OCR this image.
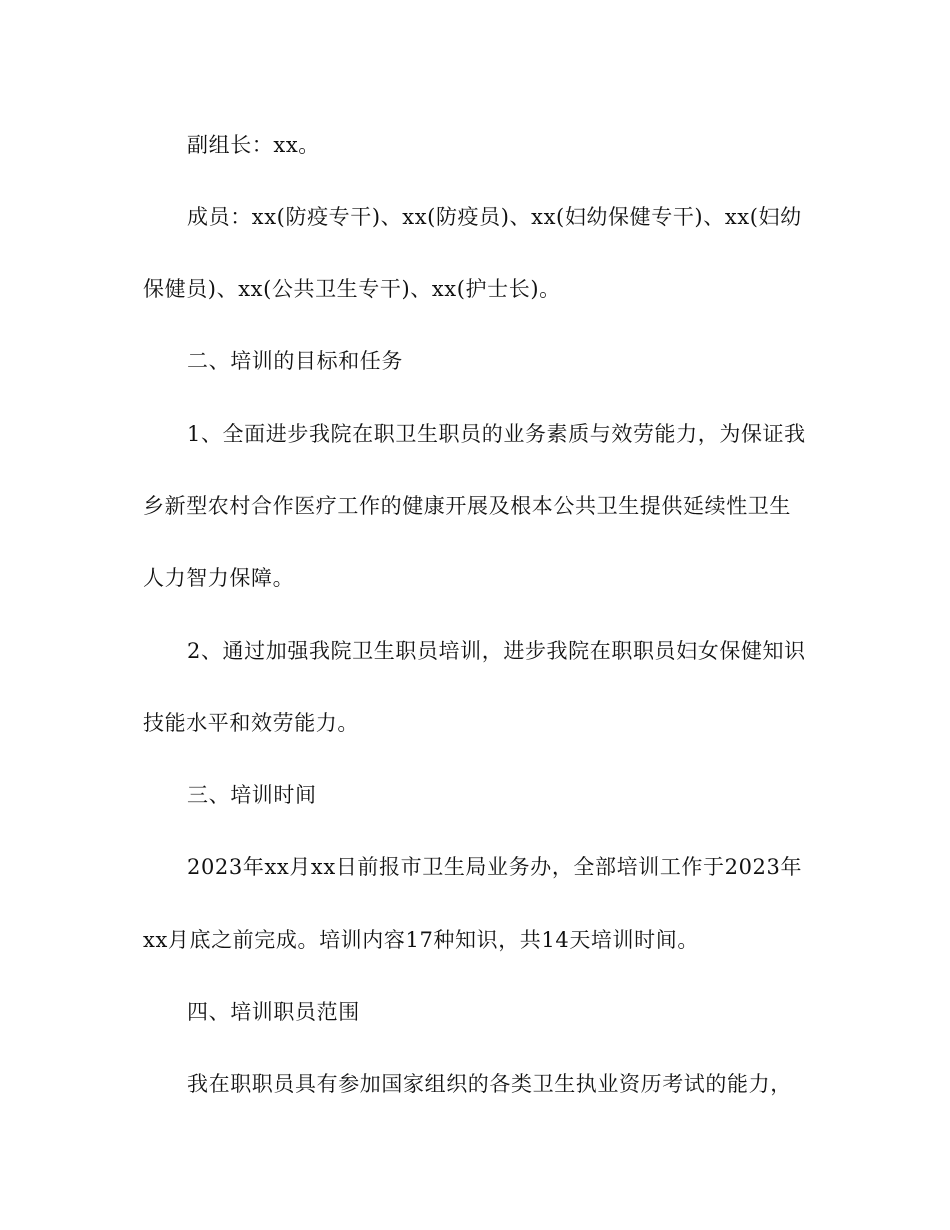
副组长：xx。
成员：xx(防疫专干)、xx(防疫员)、xx(妇幼保健专干)、xx(妇幼
保健员)、xx(公共卫生专干)、xx(护士长)。
二、培训的目标和任务
1、全面进步我院在职卫生职员的业务素质与效劳能力，为保证我
乡新型农村合作医疗工作的健康开展及根本公共卫生提供延续性卫生
人力智力保障。
2、通过加强我院卫生职员培训，进步我院在职职员妇女保健知识
技能水平和效劳能力。
三、培训时间
2023年xx月xx日前报市卫生局业务办，全部培训工作于2023年
xx月底之前完成。培训内容17种知识，共14天培训时间。
四、培训职员范围
我在职职员具有参加国家组织的各类卫生执业资历考试的能力，
